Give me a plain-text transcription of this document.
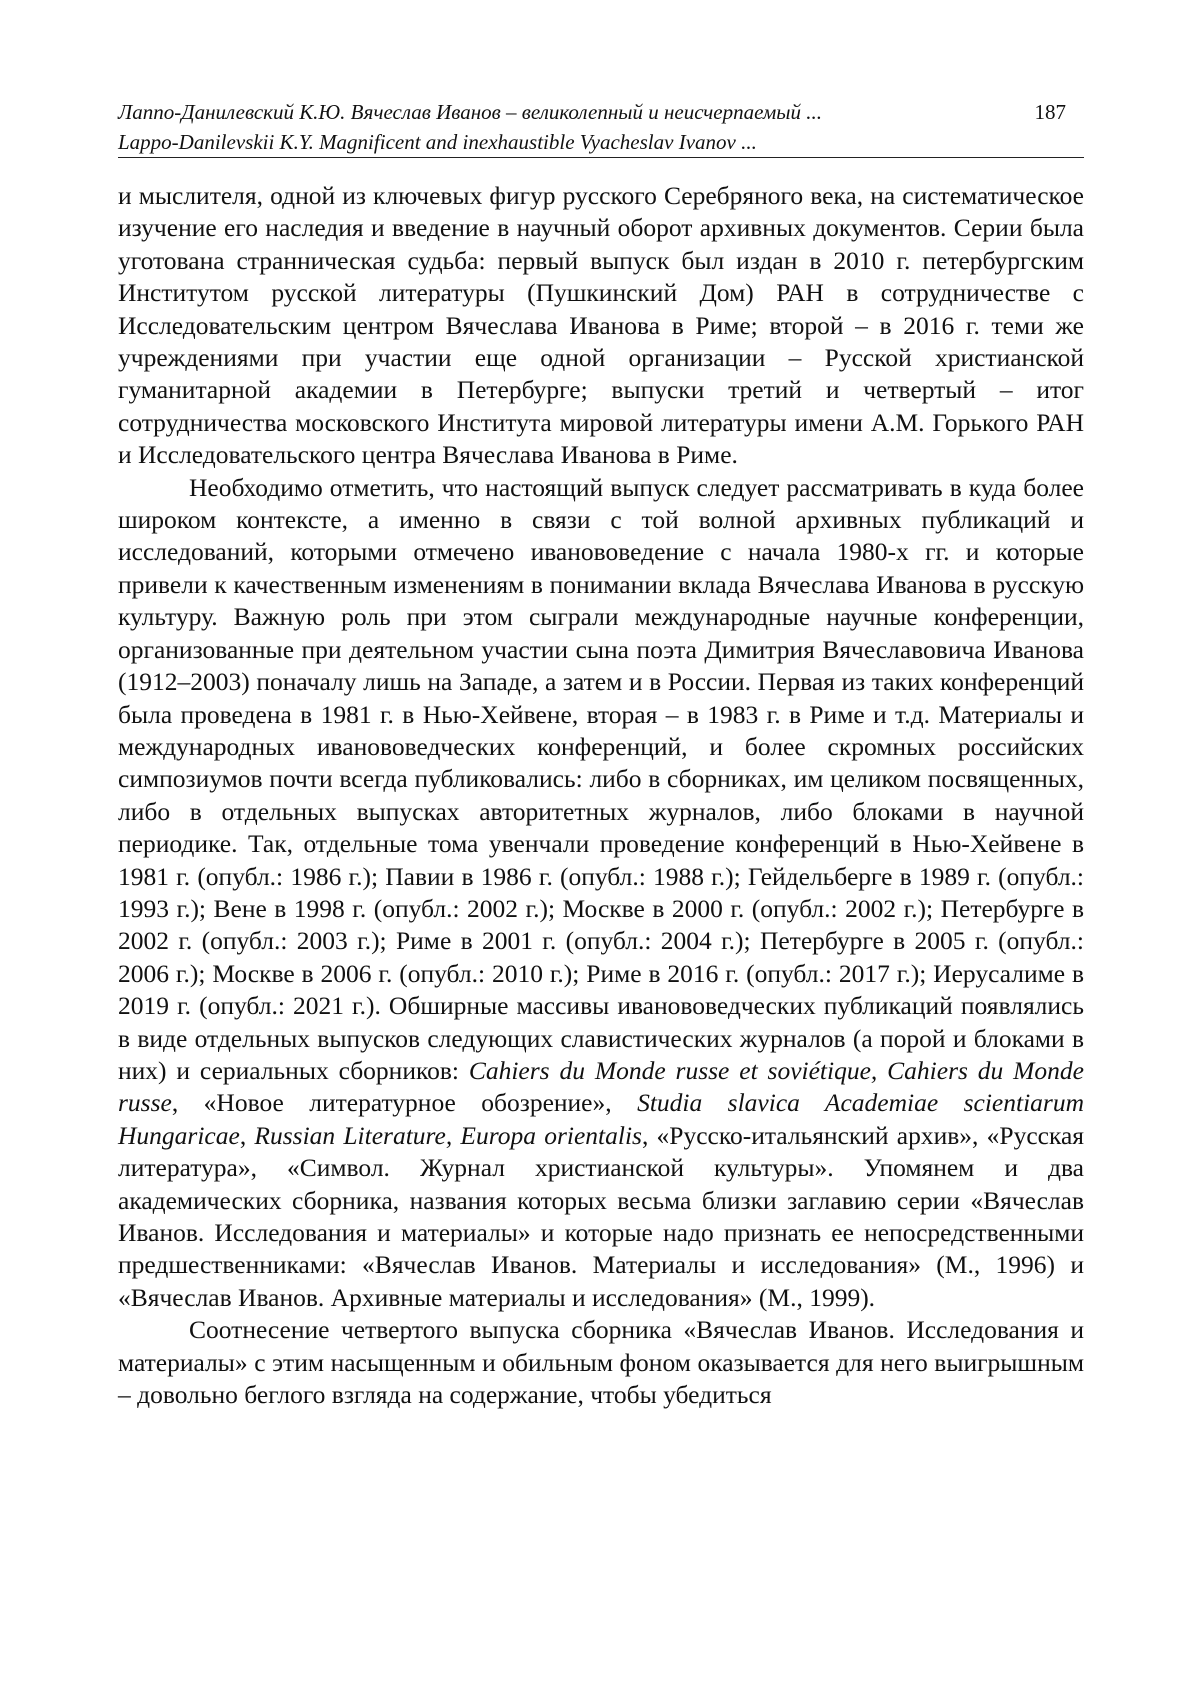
Лаппо-Данилевский К.Ю. Вячеслав Иванов – великолепный и неисчерпаемый ...
Lappo-Danilevskii K.Y. Magnificent and inexhaustible Vyacheslav Ivanov ...
187

и мыслителя, одной из ключевых фигур русского Серебряного века, на систематическое изучение его наследия и введение в научный оборот архивных документов. Серии была уготована странническая судьба: первый выпуск был издан в 2010 г. петербургским Институтом русской литературы (Пушкинский Дом) РАН в сотрудничестве с Исследовательским центром Вячеслава Иванова в Риме; второй – в 2016 г. теми же учреждениями при участии еще одной организации – Русской христианской гуманитарной академии в Петербурге; выпуски третий и четвертый – итог сотрудничества московского Института мировой литературы имени А.М. Горького РАН и Исследовательского центра Вячеслава Иванова в Риме.

Необходимо отметить, что настоящий выпуск следует рассматривать в куда более широком контексте, а именно в связи с той волной архивных публикаций и исследований, которыми отмечено иванововедение с начала 1980-х гг. и которые привели к качественным изменениям в понимании вклада Вячеслава Иванова в русскую культуру. Важную роль при этом сыграли международные научные конференции, организованные при деятельном участии сына поэта Димитрия Вячеславовича Иванова (1912–2003) поначалу лишь на Западе, а затем и в России. Первая из таких конференций была проведена в 1981 г. в Нью-Хейвене, вторая – в 1983 г. в Риме и т.д. Материалы и международных иванововедческих конференций, и более скромных российских симпозиумов почти всегда публиковались: либо в сборниках, им целиком посвященных, либо в отдельных выпусках авторитетных журналов, либо блоками в научной периодике. Так, отдельные тома увенчали проведение конференций в Нью-Хейвене в 1981 г. (опубл.: 1986 г.); Павии в 1986 г. (опубл.: 1988 г.); Гейдельберге в 1989 г. (опубл.: 1993 г.); Вене в 1998 г. (опубл.: 2002 г.); Москве в 2000 г. (опубл.: 2002 г.); Петербурге в 2002 г. (опубл.: 2003 г.); Риме в 2001 г. (опубл.: 2004 г.); Петербурге в 2005 г. (опубл.: 2006 г.); Москве в 2006 г. (опубл.: 2010 г.); Риме в 2016 г. (опубл.: 2017 г.); Иерусалиме в 2019 г. (опубл.: 2021 г.). Обширные массивы иванововедческих публикаций появлялись в виде отдельных выпусков следующих славистических журналов (а порой и блоками в них) и сериальных сборников: Cahiers du Monde russe et soviétique, Cahiers du Monde russe, «Новое литературное обозрение», Studia slavica Academiae scientiarum Hungaricae, Russian Literature, Europa orientalis, «Русско-итальянский архив», «Русская литература», «Символ. Журнал христианской культуры». Упомянем и два академических сборника, названия которых весьма близки заглавию серии «Вячеслав Иванов. Исследования и материалы» и которые надо признать ее непосредственными предшественниками: «Вячеслав Иванов. Материалы и исследования» (М., 1996) и «Вячеслав Иванов. Архивные материалы и исследования» (М., 1999).

Соотнесение четвертого выпуска сборника «Вячеслав Иванов. Исследования и материалы» с этим насыщенным и обильным фоном оказывается для него выигрышным – довольно беглого взгляда на содержание, чтобы убедиться
